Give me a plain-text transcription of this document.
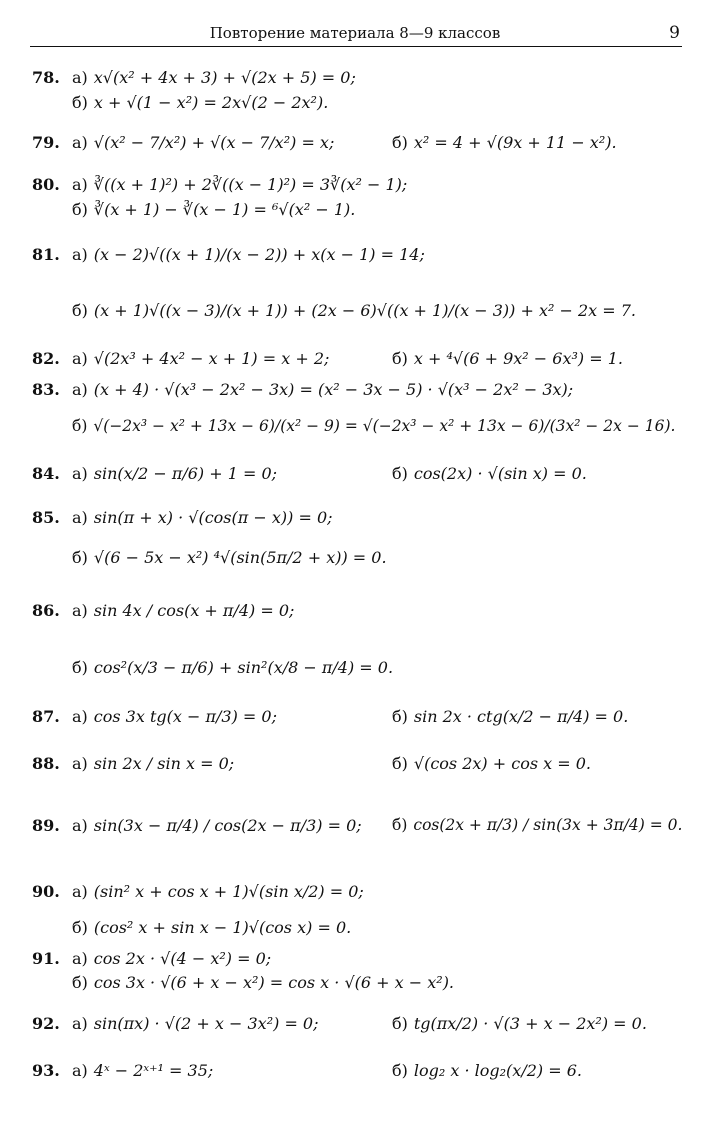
Повторение материала 8—9 классов	9
78. а) x√(x² + 4x + 3) + √(2x + 5) = 0;
б) x + √(1 − x²) = 2x√(2 − 2x²).
79. а) √(x² − 7/x²) + √(x − 7/x²) = x;	б) x² = 4 + √(9x + 11 − x²).
80. а) ∛((x + 1)²) + 2∛((x − 1)²) = 3∛(x² − 1);
б) ∛(x + 1) − ∛(x − 1) = ⁶√(x² − 1).
81. а) (x − 2)√((x + 1)/(x − 2)) + x(x − 1) = 14;
б) (x + 1)√((x − 3)/(x + 1)) + (2x − 6)√((x + 1)/(x − 3)) + x² − 2x = 7.
82. а) √(2x³ + 4x² − x + 1) = x + 2;	б) x + ⁴√(6 + 9x² − 6x³) = 1.
83. а) (x + 4) · √(x³ − 2x² − 3x) = (x² − 3x − 5) · √(x³ − 2x² − 3x);
б) √(−2x³ − x² + 13x − 6)/(x² − 9) = √(−2x³ − x² + 13x − 6)/(3x² − 2x − 16).
84. а) sin(x/2 − π/6) + 1 = 0;	б) cos(2x) · √(sin x) = 0.
85. а) sin(π + x) · √(cos(π − x)) = 0;
б) √(6 − 5x − x²) ⁴√(sin(5π/2 + x)) = 0.
86. а) sin 4x / cos(x + π/4) = 0;
б) cos²(x/3 − π/6) + sin²(x/8 − π/4) = 0.
87. а) cos 3x tg(x − π/3) = 0;	б) sin 2x · ctg(x/2 − π/4) = 0.
88. а) sin 2x / sin x = 0;	б) √(cos 2x) + cos x = 0.
89. а) sin(3x − π/4) / cos(2x − π/3) = 0; б) cos(2x + π/3) / sin(3x + 3π/4) = 0.
90. а) (sin² x + cos x + 1)√(sin x/2) = 0;
б) (cos² x + sin x − 1)√(cos x) = 0.
91. а) cos 2x · √(4 − x²) = 0;
б) cos 3x · √(6 + x − x²) = cos x · √(6 + x − x²).
92. а) sin(πx) · √(2 + x − 3x²) = 0;	б) tg(πx/2) · √(3 + x − 2x²) = 0.
93. а) 4ˣ − 2ˣ⁺¹ = 35;	б) log₂ x · log₂(x/2) = 6.
